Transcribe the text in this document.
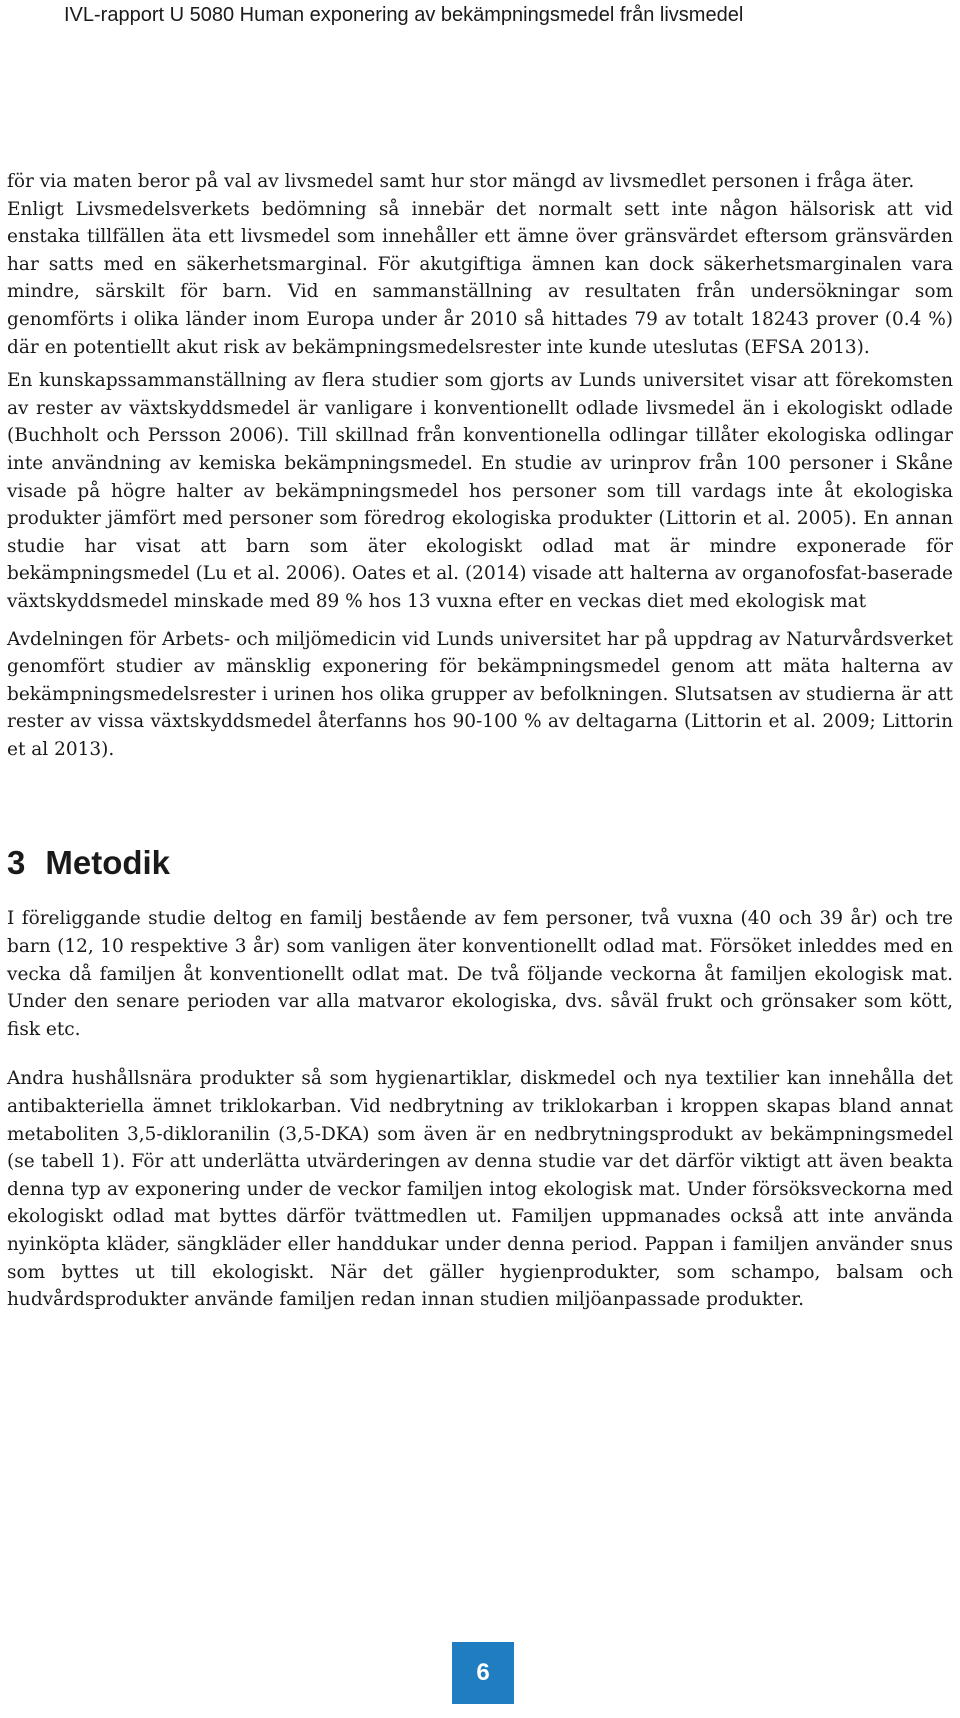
IVL-rapport U 5080 Human exponering av bekämpningsmedel från livsmedel

för via maten beror på val av livsmedel samt hur stor mängd av livsmedlet personen i fråga äter.

Enligt Livsmedelsverkets bedömning så innebär det normalt sett inte någon hälsorisk att vid enstaka tillfällen äta ett livsmedel som innehåller ett ämne över gränsvärdet eftersom gränsvärden har satts med en säkerhetsmarginal. För akutgiftiga ämnen kan dock säkerhetsmarginalen vara mindre, särskilt för barn. Vid en sammanställning av resultaten från undersökningar som genomförts i olika länder inom Europa under år 2010 så hittades 79 av totalt 18243 prover (0.4 %) där en potentiellt akut risk av bekämpningsmedelsrester inte kunde uteslutas (EFSA 2013).

En kunskapssammanställning av flera studier som gjorts av Lunds universitet visar att förekomsten av rester av växtskyddsmedel är vanligare i konventionellt odlade livsmedel än i ekologiskt odlade (Buchholt och Persson 2006). Till skillnad från konventionella odlingar tillåter ekologiska odlingar inte användning av kemiska bekämpningsmedel. En studie av urinprov från 100 personer i Skåne visade på högre halter av bekämpningsmedel hos personer som till vardags inte åt ekologiska produkter jämfört med personer som föredrog ekologiska produkter (Littorin et al. 2005). En annan studie har visat att barn som äter ekologiskt odlad mat är mindre exponerade för bekämpningsmedel (Lu et al. 2006). Oates et al. (2014) visade att halterna av organofosfat-baserade växtskyddsmedel minskade med 89 % hos 13 vuxna efter en veckas diet med ekologisk mat

Avdelningen för Arbets- och miljömedicin vid Lunds universitet har på uppdrag av Naturvårdsverket genomfört studier av mänsklig exponering för bekämpningsmedel genom att mäta halterna av bekämpningsmedelsrester i urinen hos olika grupper av befolkningen. Slutsatsen av studierna är att rester av vissa växtskyddsmedel återfanns hos 90-100 % av deltagarna (Littorin et al. 2009; Littorin et al 2013).

3 Metodik

I föreliggande studie deltog en familj bestående av fem personer, två vuxna (40 och 39 år) och tre barn (12, 10 respektive 3 år) som vanligen äter konventionellt odlad mat. Försöket inleddes med en vecka då familjen åt konventionellt odlat mat. De två följande veckorna åt familjen ekologisk mat. Under den senare perioden var alla matvaror ekologiska, dvs. såväl frukt och grönsaker som kött, fisk etc.

Andra hushållsnära produkter så som hygienartiklar, diskmedel och nya textilier kan innehålla det antibakteriella ämnet triklokarban. Vid nedbrytning av triklokarban i kroppen skapas bland annat metaboliten 3,5-dikloranilin (3,5-DKA) som även är en nedbrytningsprodukt av bekämpningsmedel (se tabell 1). För att underlätta utvärderingen av denna studie var det därför viktigt att även beakta denna typ av exponering under de veckor familjen intog ekologisk mat. Under försöksveckorna med ekologiskt odlad mat byttes därför tvättmedlen ut. Familjen uppmanades också att inte använda nyinköpta kläder, sängkläder eller handdukar under denna period. Pappan i familjen använder snus som byttes ut till ekologiskt. När det gäller hygienprodukter, som schampo, balsam och hudvårdsprodukter använde familjen redan innan studien miljöanpassade produkter.

6
